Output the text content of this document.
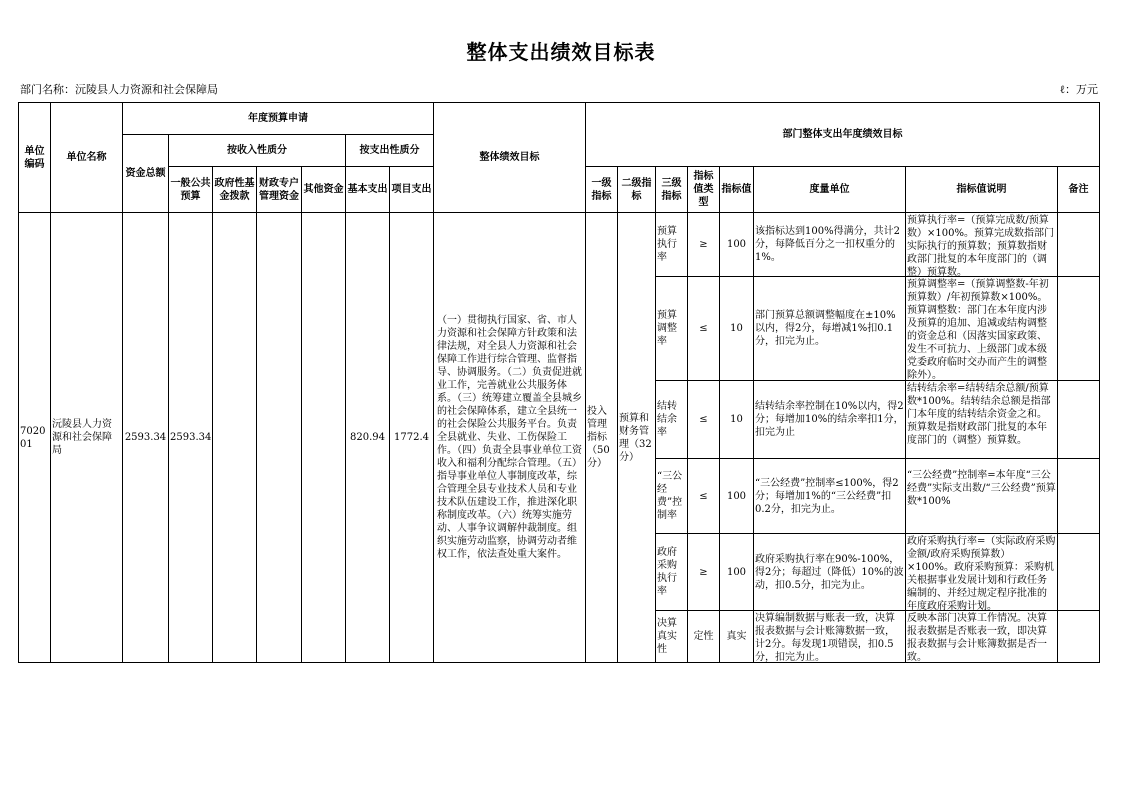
整体支出绩效目标表
部门名称：沅陵县人力资源和社会保障局	ℓ：万元
单位编码	单位名称	年度预算申请							整体绩效目标	部门整体支出年度绩效目标							
		资金总额	按收入性质分				按支出性质分										
			一般公共预算	政府性基金拨款	财政专户管理资金	其他资金	基本支出	项目支出		一级指标	二级指标	三级指标	指标值类型	指标值	度量单位	指标值说明	备注
702001	沅陵县人力资源和社会保障局	2593.34	2593.34				820.94	1772.4	（一）贯彻执行国家、省、市人力资源和社会保障方针政策和法律法规，对全县人力资源和社会保障工作进行综合管理、监督指导、协调服务。（二）负责促进就业工作，完善就业公共服务体系。（三）统筹建立覆盖全县城乡的社会保障体系，建立全县统一的社会保险公共服务平台。负责全县就业、失业、工伤保险工作。（四）负责全县事业单位工资收入和福利分配综合管理。（五）指导事业单位人事制度改革，综合管理全县专业技术人员和专业技术队伍建设工作，推进深化职称制度改革。（六）统筹实施劳动、人事争议调解仲裁制度。组织实施劳动监察，协调劳动者维权工作，依法查处重大案件。	投入管理指标（50分）	预算和财务管理（32分）	预算执行率	≥	100	该指标达到100%得满分，共计2分，每降低百分之一扣权重分的1%。	预算执行率=（预算完成数/预算数）×100%。预算完成数指部门实际执行的预算数；预算数指财政部门批复的本年度部门的（调整）预算数。	

												预算调整率	≤	10	部门预算总额调整幅度在±10%以内，得2分，每增减1%扣0.1分，扣完为止。	预算调整率=（预算调整数-年初预算数）/年初预算数×100%。预算调整数：部门在本年度内涉及预算的追加、追减或结构调整的资金总和（因落实国家政策、发生不可抗力、上级部门或本级党委政府临时交办而产生的调整除外）。	

												结转结余率	≤	10	结转结余率控制在10%以内，得2分；每增加10%的结余率扣1分，扣完为止	结转结余率=结转结余总额/预算数*100%。结转结余总额是指部门本年度的结转结余资金之和。预算数是指财政部门批复的本年度部门的（调整）预算数。	

												“三公经费”控制率	≤	100	“三公经费”控制率≤100%，得2分；每增加1%的“三公经费”扣0.2分，扣完为止。	“三公经费”控制率=本年度“三公经费”实际支出数/“三公经费”预算数*100%	

												政府采购执行率	≥	100	政府采购执行率在90%-100%，得2分；每超过（降低）10%的波动，扣0.5分，扣完为止。	政府采购执行率=（实际政府采购金额/政府采购预算数）×100%。政府采购预算：采购机关根据事业发展计划和行政任务编制的、并经过规定程序批准的年度政府采购计划。	

												决算真实性	定性	真实	决算编制数据与账表一致，决算报表数据与会计账簿数据一致，计2分。每发现1项错误，扣0.5分，扣完为止。	反映本部门决算工作情况。决算报表数据是否账表一致，即决算报表数据与会计账簿数据是否一致。	
